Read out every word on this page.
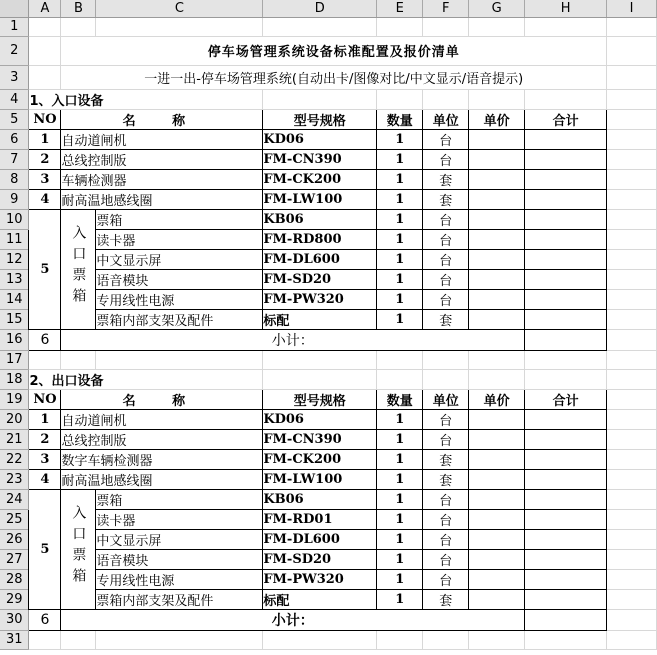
	A	B	C	D	E	F	G	H	I
1									
2		停车场管理系统设备标准配置及报价清单							
3		一进一出-停车场管理系统(自动出卡/图像对比/中文显示/语音提示)							
4	1、入口设备								
5	NO	名 称		型号规格	数量	单位	单价	合计	
6	1	自动道闸机		KD06	1	台			
7	2	总线控制版		FM-CN390	1	台			
8	3	车辆检测器		FM-CK200	1	套			
9	4	耐高温地感线圈		FM-LW100	1	套			
10	5	入口票箱	票箱	KB06	1	台			
11			读卡器	FM-RD800	1	台			
12			中文显示屏	FM-DL600	1	台			
13			语音模块	FM-SD20	1	台			
14			专用线性电源	FM-PW320	1	台			
15			票箱内部支架及配件	标配	1	套			
16	6	小计：							
17									
18	2、出口设备								
19	NO	名 称		型号规格	数量	单位	单价	合计	
20	1	自动道闸机		KD06	1	台			
21	2	总线控制版		FM-CN390	1	台			
22	3	数字车辆检测器		FM-CK200	1	套			
23	4	耐高温地感线圈		FM-LW100	1	套			
24	5	入口票箱	票箱	KB06	1	台			
25			读卡器	FM-RD01	1	台			
26			中文显示屏	FM-DL600	1	台			
27			语音模块	FM-SD20	1	台			
28			专用线性电源	FM-PW320	1	台			
29			票箱内部支架及配件	标配	1	套			
30	6	小计：							
31									
